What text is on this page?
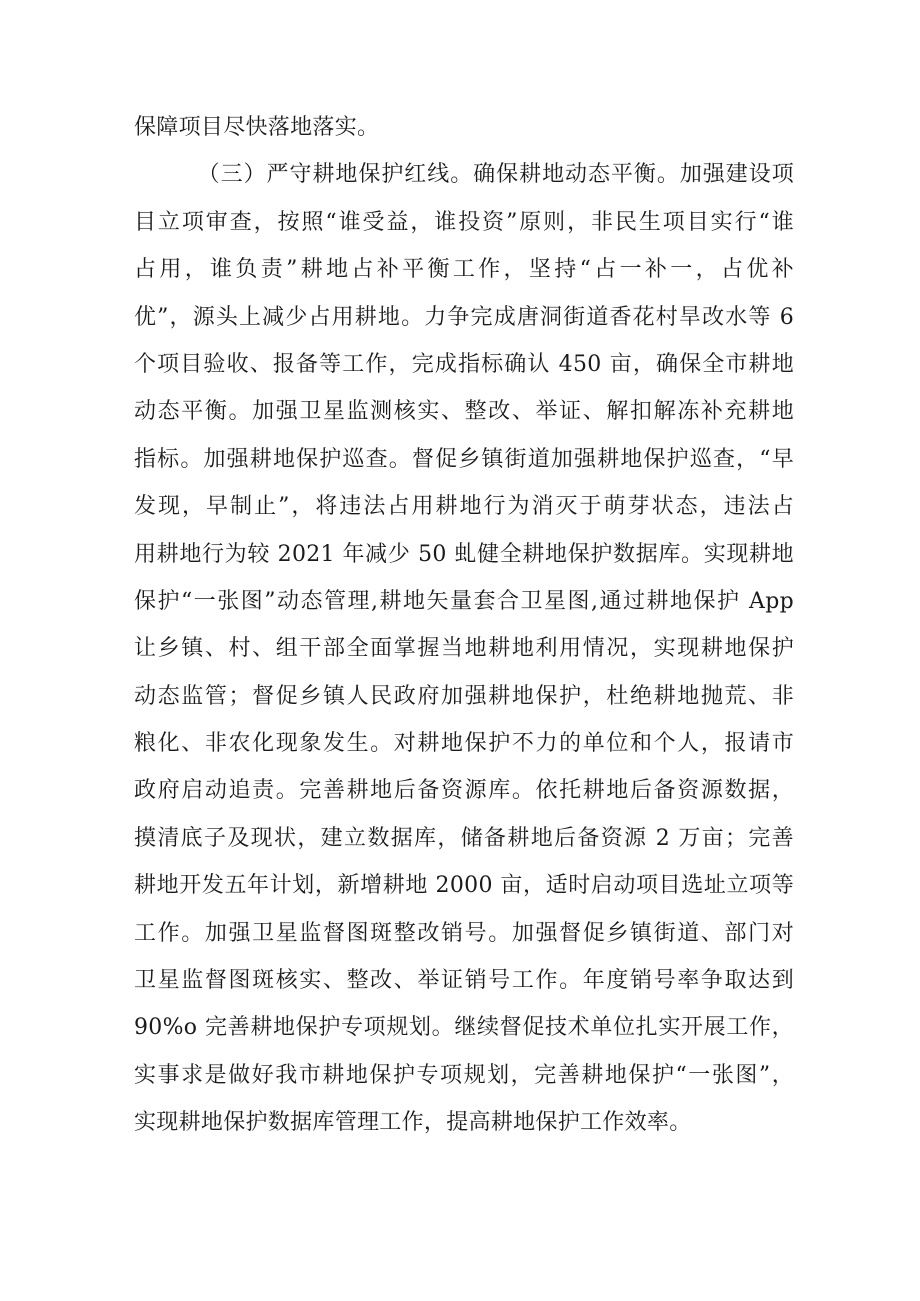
保障项目尽快落地落实。
（三）严守耕地保护红线。确保耕地动态平衡。加强建设项
目立项审查，按照“谁受益，谁投资”原则，非民生项目实行“谁
占用，谁负责”耕地占补平衡工作，坚持“占一补一，占优补
优”，源头上减少占用耕地。力争完成唐洞街道香花村旱改水等 6
个项目验收、报备等工作，完成指标确认 450 亩，确保全市耕地
动态平衡。加强卫星监测核实、整改、举证、解扣解冻补充耕地
指标。加强耕地保护巡查。督促乡镇街道加强耕地保护巡查，“早
发现，早制止”，将违法占用耕地行为消灭于萌芽状态，违法占
用耕地行为较 2021 年减少 50 虬健全耕地保护数据库。实现耕地
保护“一张图”动态管理,耕地矢量套合卫星图,通过耕地保护 App
让乡镇、村、组干部全面掌握当地耕地利用情况，实现耕地保护
动态监管；督促乡镇人民政府加强耕地保护，杜绝耕地抛荒、非
粮化、非农化现象发生。对耕地保护不力的单位和个人，报请市
政府启动追责。完善耕地后备资源库。依托耕地后备资源数据，
摸清底子及现状，建立数据库，储备耕地后备资源 2 万亩；完善
耕地开发五年计划，新增耕地 2000 亩，适时启动项目选址立项等
工作。加强卫星监督图斑整改销号。加强督促乡镇街道、部门对
卫星监督图斑核实、整改、举证销号工作。年度销号率争取达到
90%o 完善耕地保护专项规划。继续督促技术单位扎实开展工作，
实事求是做好我市耕地保护专项规划，完善耕地保护“一张图”，
实现耕地保护数据库管理工作，提高耕地保护工作效率。
